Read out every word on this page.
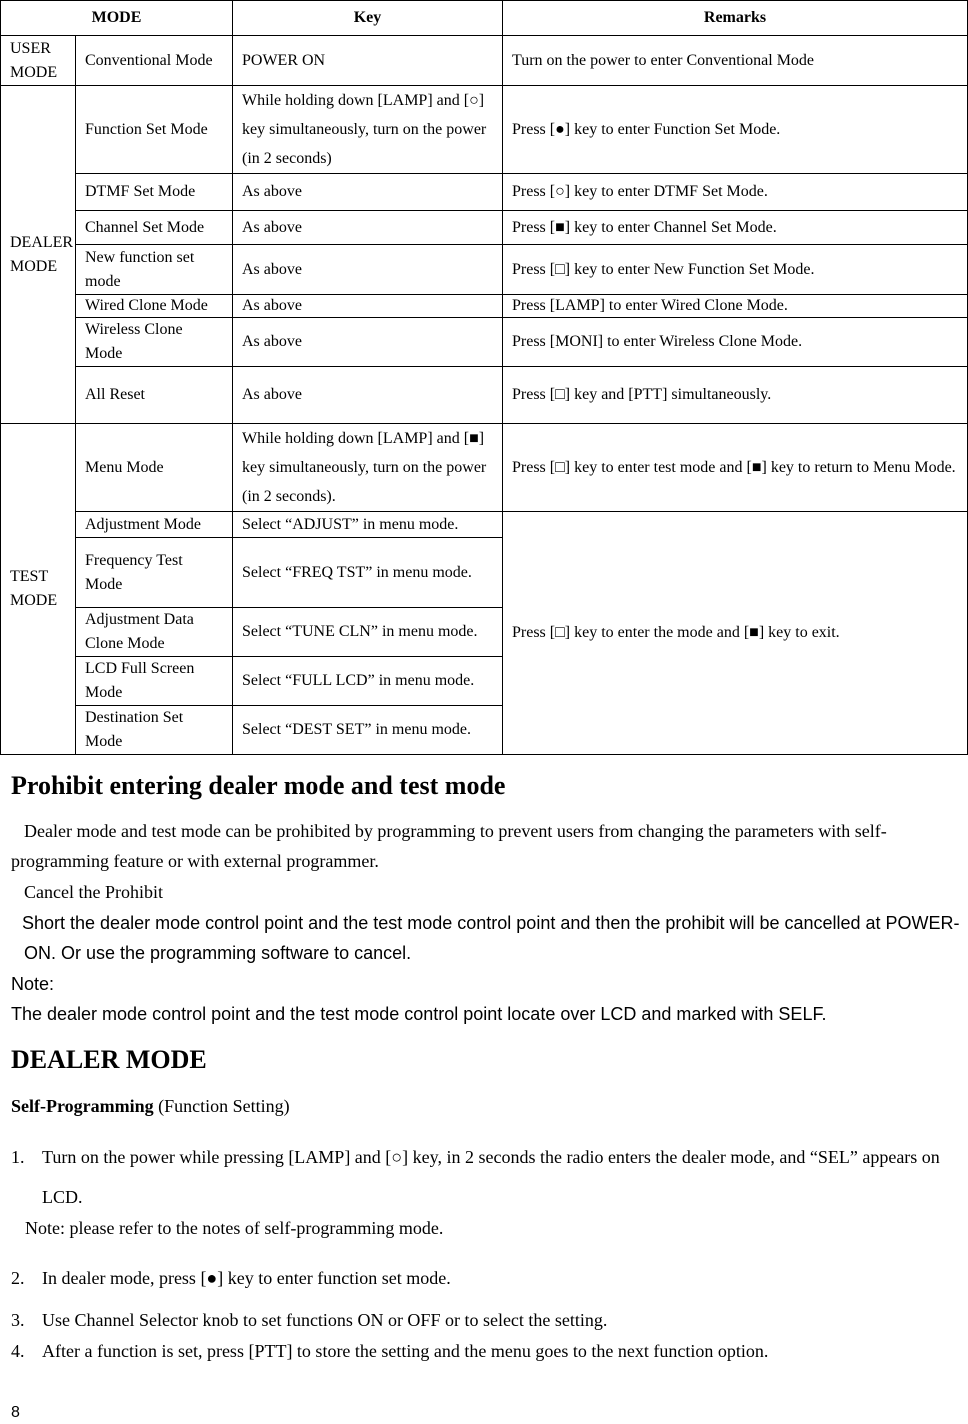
MODE		Key	Remarks
USER MODE	Conventional Mode	POWER ON	Turn on the power to enter Conventional Mode
DEALER MODE	Function Set Mode	While holding down [LAMP] and [○] key simultaneously, turn on the power (in 2 seconds)	Press [●] key to enter Function Set Mode.
	DTMF Set Mode	As above	Press [○] key to enter DTMF Set Mode.
	Channel Set Mode	As above	Press [■] key to enter Channel Set Mode.
	New function set mode	As above	Press [□] key to enter New Function Set Mode.
	Wired Clone Mode	As above	Press [LAMP] to enter Wired Clone Mode.
	Wireless Clone Mode	As above	Press [MONI] to enter Wireless Clone Mode.
	All Reset	As above	Press [□] key and [PTT] simultaneously.
TEST MODE	Menu Mode	While holding down [LAMP] and [■] key simultaneously, turn on the power (in 2 seconds).	Press [□] key to enter test mode and [■] key to return to Menu Mode.
	Adjustment Mode	Select “ADJUST” in menu mode.	Press [□] key to enter the mode and [■] key to exit.
	Frequency Test Mode	Select “FREQ TST” in menu mode.	
	Adjustment Data Clone Mode	Select “TUNE CLN” in menu mode.	
	LCD Full Screen Mode	Select “FULL LCD” in menu mode.	
	Destination Set Mode	Select “DEST SET” in menu mode.	
Prohibit entering dealer mode and test mode

Dealer mode and test mode can be prohibited by programming to prevent users from changing the parameters with self-programming feature or with external programmer.

Cancel the Prohibit

Short the dealer mode control point and the test mode control point and then the prohibit will be cancelled at POWER-ON. Or use the programming software to cancel.

Note:

The dealer mode control point and the test mode control point locate over LCD and marked with SELF.

DEALER MODE

Self-Programming (Function Setting)

1. Turn on the power while pressing [LAMP] and [○] key, in 2 seconds the radio enters the dealer mode, and “SEL” appears on LCD.

Note: please refer to the notes of self-programming mode.

2. In dealer mode, press [●] key to enter function set mode.
3. Use Channel Selector knob to set functions ON or OFF or to select the setting.
4. After a function is set, press [PTT] to store the setting and the menu goes to the next function option.
8
